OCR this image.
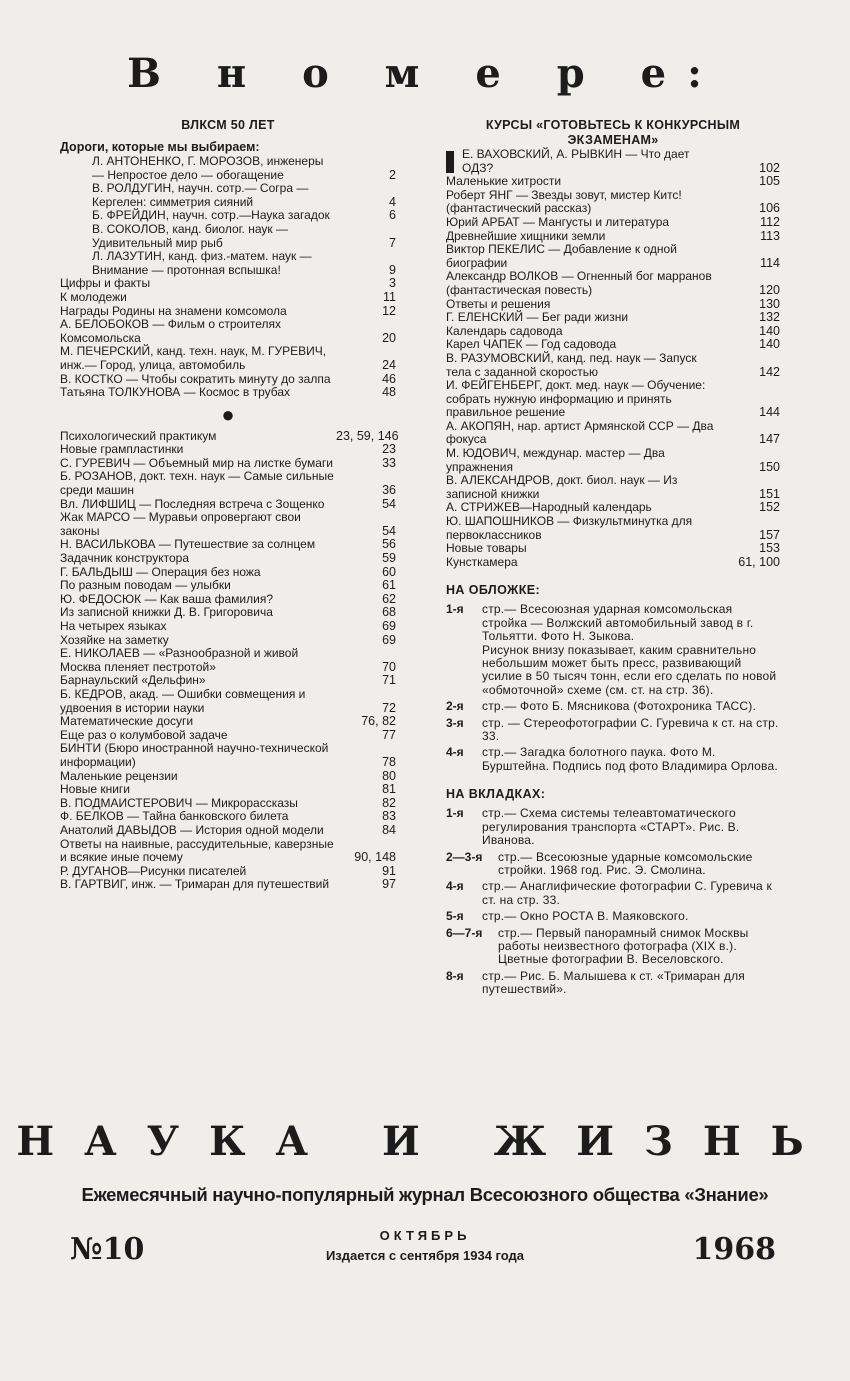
В н о м е р е:
ВЛКСМ 50 ЛЕТ
Дороги, которые мы выбираем:
Л. АНТОНЕНКО, Г. МОРОЗОВ, инженеры — Непростое дело — обогащение	2
В. РОЛДУГИН, научн. сотр.— Согра — Кергелен: симметрия сияний	4
Б. ФРЕЙДИН, научн. сотр.—Наука загадок	6
В. СОКОЛОВ, канд. биолог. наук — Удивительный мир рыб	7
Л. ЛАЗУТИН, канд. физ.-матем. наук — Внимание — протонная вспышка!	9
Цифры и факты	3
К молодежи	11
Награды Родины на знамени комсомола	12
А. БЕЛОБОКОВ — Фильм о строителях Комсомольска	20
М. ПЕЧЕРСКИЙ, канд. техн. наук, М. ГУРЕВИЧ, инж.— Город, улица, автомобиль	24
В. КОСТКО — Чтобы сократить минуту до залпа	46
Татьяна ТОЛКУНОВА — Космос в трубах	48
●
Психологический практикум	23, 59, 146
Новые грампластинки	23
С. ГУРЕВИЧ — Объемный мир на листке бумаги	33
Б. РОЗАНОВ, докт. техн. наук — Самые сильные среди машин	36
Вл. ЛИФШИЦ — Последняя встреча с Зощенко	54
Жак МАРСО — Муравьи опровергают свои законы	54
Н. ВАСИЛЬКОВА — Путешествие за солнцем	56
Задачник конструктора	59
Г. БАЛЬДЫШ — Операция без ножа	60
По разным поводам — улыбки	61
Ю. ФЕДОСЮК — Как ваша фамилия?	62
Из записной книжки Д. В. Григоровича	68
На четырех языках	69
Хозяйке на заметку	69
Е. НИКОЛАЕВ — «Разнообразной и живой Москва пленяет пестротой»	70
Барнаульский «Дельфин»	71
Б. КЕДРОВ, акад. — Ошибки совмещения и удвоения в истории науки	72
Математические досуги	76, 82
Еще раз о колумбовой задаче	77
БИНТИ (Бюро иностранной научно-технической информации)	78
Маленькие рецензии	80
Новые книги	81
В. ПОДМАИСТЕРОВИЧ — Микрорассказы	82
Ф. БЕЛКОВ — Тайна банковского билета	83
Анатолий ДАВЫДОВ — История одной модели	84
Ответы на наивные, рассудительные, каверзные и всякие иные почему	90, 148
Р. ДУГАНОВ—Рисунки писателей	91
В. ГАРТВИГ, инж. — Тримаран для путешествий	97
КУРСЫ «ГОТОВЬТЕСЬ К КОНКУРСНЫМ ЭКЗАМЕНАМ»
Е. ВАХОВСКИЙ, А. РЫВКИН — Что дает ОДЗ?	102
Маленькие хитрости	105
Роберт ЯНГ — Звезды зовут, мистер Китс! (фантастический рассказ)	106
Юрий АРБАТ — Мангусты и литература	112
Древнейшие хищники земли	113
Виктор ПЕКЕЛИС — Добавление к одной биографии	114
Александр ВОЛКОВ — Огненный бог марранов (фантастическая повесть)	120
Ответы и решения	130
Г. ЕЛЕНСКИЙ — Бег ради жизни	132
Календарь садовода	140
Карел ЧАПЕК — Год садовода	140
В. РАЗУМОВСКИЙ, канд. пед. наук — Запуск тела с заданной скоростью	142
И. ФЕЙГЕНБЕРГ, докт. мед. наук — Обучение: собрать нужную информацию и принять правильное решение	144
А. АКОПЯН, нар. артист Армянской ССР — Два фокуса	147
М. ЮДОВИЧ, междунар. мастер — Два упражнения	150
В. АЛЕКСАНДРОВ, докт. биол. наук — Из записной книжки	151
А. СТРИЖЕВ—Народный календарь	152
Ю. ШАПОШНИКОВ — Физкультминутка для первоклассников	157
Новые товары	153
Кунсткамера	61, 100
НА ОБЛОЖКЕ:
1-я	стр.— Всесоюзная ударная комсомольская стройка — Волжский автомобильный завод в г. Тольятти. Фото Н. Зыкова.
Рисунок внизу показывает, каким сравнительно небольшим может быть пресс, развивающий усилие в 50 тысяч тонн, если его сделать по новой «обмоточной» схеме (см. ст. на стр. 36).
2-я	стр.— Фото Б. Мясникова (Фотохроника ТАСС).
3-я	стр. — Стереофотографии С. Гуревича к ст. на стр. 33.
4-я	стр.— Загадка болотного паука. Фото М. Бурштейна. Подпись под фото Владимира Орлова.
НА ВКЛАДКАХ:
1-я	стр.— Схема системы телеавтоматического регулирования транспорта «СТАРТ». Рис. В. Иванова.
2—3-я	стр.— Всесоюзные ударные комсомольские стройки. 1968 год. Рис. Э. Смолина.
4-я	стр.— Анаглифические фотографии С. Гуревича к ст. на стр. 33.
5-я	стр.— Окно РОСТА В. Маяковского.
6—7-я	стр.— Первый панорамный снимок Москвы работы неизвестного фотографа (XIX в.). Цветные фотографии В. Веселовского.
8-я	стр.— Рис. Б. Малышева к ст. «Тримаран для путешествий».
НАУКА И ЖИЗНЬ
Ежемесячный научно-популярный журнал Всесоюзного общества «Знание»
№10	ОКТЯБРЬ
Издается с сентября 1934 года	1968
